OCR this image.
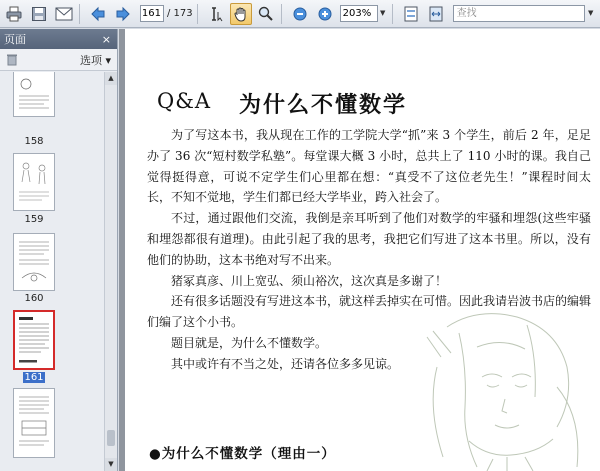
161 / 173	203%	▼	查找	▼
页面	×
选项 ▾
158
159
160
161
▲
▼
Q&A 为什么不懂数学

为了写这本书，我从现在工作的工学院大学“抓”来 3 个学生，前后 2 年，足足办了 36 次“短村数学私塾”。每堂课大概 3 小时，总共上了 110 小时的课。我自己觉得挺得意，可说不定学生们心里都在想：“真受不了这位老先生！”课程时间太长，不知不觉地，学生们都已经大学毕业，跨入社会了。

不过，通过跟他们交流，我倒是亲耳听到了他们对数学的牢骚和埋怨(这些牢骚和埋怨都很有道理)。由此引起了我的思考，我把它们写进了这本书里。所以，没有他们的协助，这本书绝对写不出来。

猪冢真彦、川上宽弘、须山裕次，这次真是多谢了！

还有很多话题没有写进这本书，就这样丢掉实在可惜。因此我请岩波书店的编辑们编了这个小书。

题目就是，为什么不懂数学。

其中或许有不当之处，还请各位多多见谅。

●为什么不懂数学（理由一）
